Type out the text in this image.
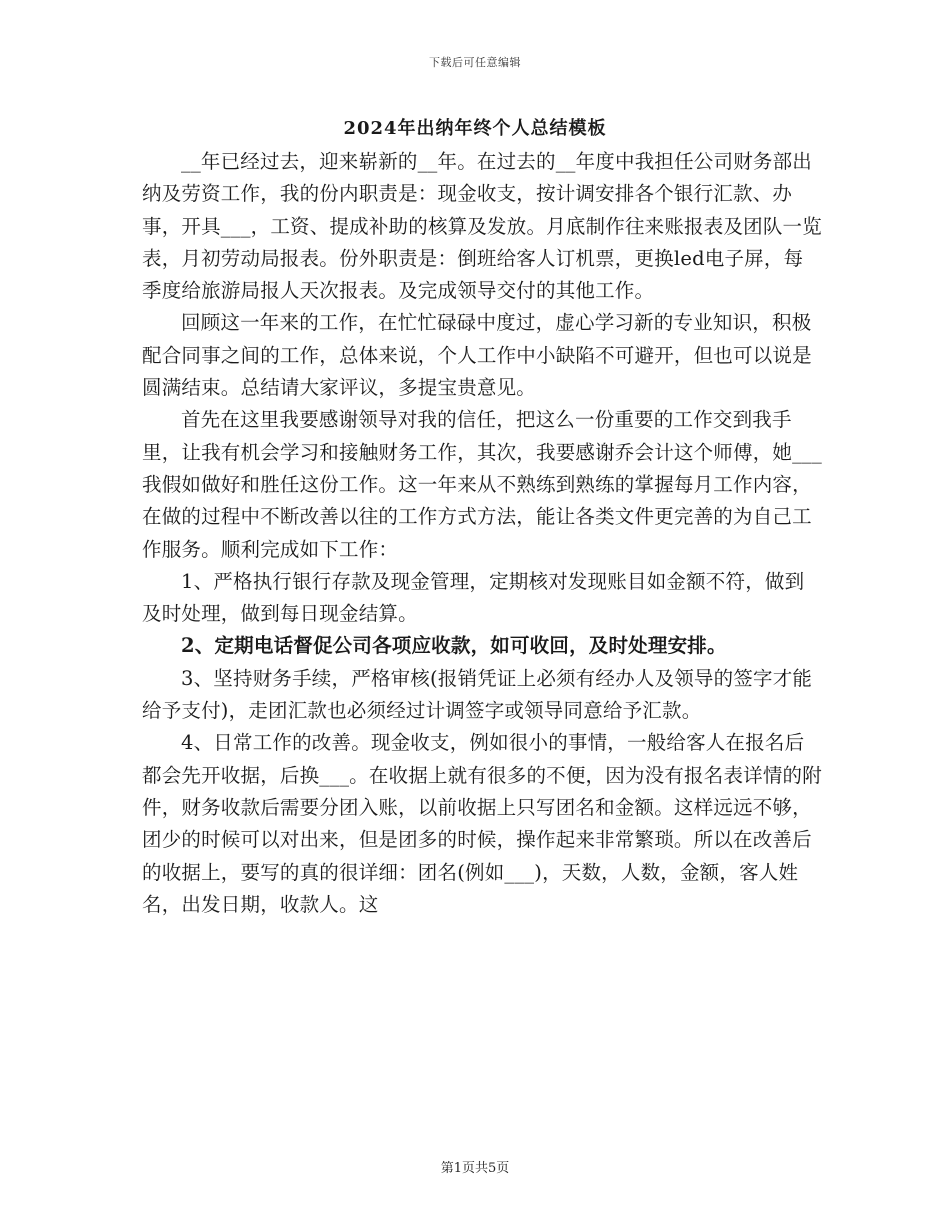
下载后可任意编辑
2024年出纳年终个人总结模板

__年已经过去，迎来崭新的__年。在过去的__年度中我担任公司财务部出纳及劳资工作，我的份内职责是：现金收支，按计调安排各个银行汇款、办事，开具___，工资、提成补助的核算及发放。月底制作往来账报表及团队一览表，月初劳动局报表。份外职责是：倒班给客人订机票，更换led电子屏，每季度给旅游局报人天次报表。及完成领导交付的其他工作。

回顾这一年来的工作，在忙忙碌碌中度过，虚心学习新的专业知识，积极配合同事之间的工作，总体来说，个人工作中小缺陷不可避开，但也可以说是圆满结束。总结请大家评议，多提宝贵意见。

首先在这里我要感谢领导对我的信任，把这么一份重要的工作交到我手里，让我有机会学习和接触财务工作，其次，我要感谢乔会计这个师傅，她___我假如做好和胜任这份工作。这一年来从不熟练到熟练的掌握每月工作内容，在做的过程中不断改善以往的工作方式方法，能让各类文件更完善的为自己工作服务。顺利完成如下工作：

1、严格执行银行存款及现金管理，定期核对发现账目如金额不符，做到及时处理，做到每日现金结算。

2、定期电话督促公司各项应收款，如可收回，及时处理安排。

3、坚持财务手续，严格审核(报销凭证上必须有经办人及领导的签字才能给予支付)，走团汇款也必须经过计调签字或领导同意给予汇款。

4、日常工作的改善。现金收支，例如很小的事情，一般给客人在报名后都会先开收据，后换___。在收据上就有很多的不便，因为没有报名表详情的附件，财务收款后需要分团入账，以前收据上只写团名和金额。这样远远不够，团少的时候可以对出来，但是团多的时候，操作起来非常繁琐。所以在改善后的收据上，要写的真的很详细：团名(例如___)，天数，人数，金额，客人姓名，出发日期，收款人。这

第1页共5页
